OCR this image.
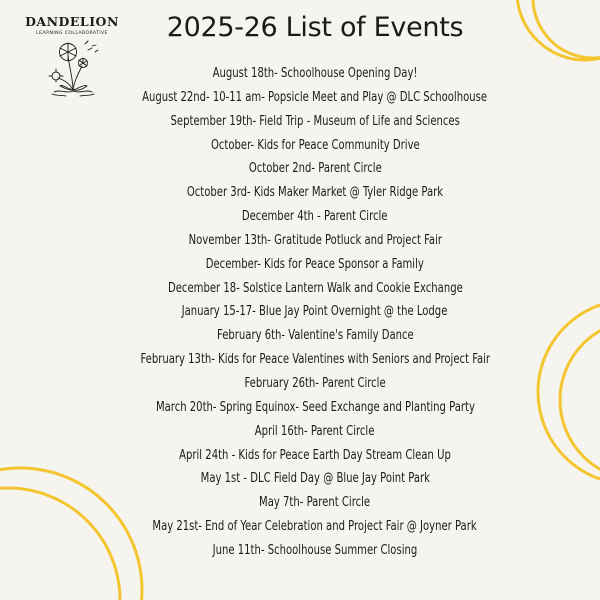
DANDELION
LEARNING COLLABORATIVE	2025-26 List of Events
August 18th- Schoolhouse Opening Day!
August 22nd- 10-11 am- Popsicle Meet and Play @ DLC Schoolhouse
September 19th- Field Trip - Museum of Life and Sciences
October- Kids for Peace Community Drive
October 2nd- Parent Circle
October 3rd- Kids Maker Market @ Tyler Ridge Park
December 4th - Parent Circle
November 13th- Gratitude Potluck and Project Fair
December- Kids for Peace Sponsor a Family
December 18- Solstice Lantern Walk and Cookie Exchange
January 15-17- Blue Jay Point Overnight @ the Lodge
February 6th- Valentine's Family Dance
February 13th- Kids for Peace Valentines with Seniors and Project Fair
February 26th- Parent Circle
March 20th- Spring Equinox- Seed Exchange and Planting Party
April 16th- Parent Circle
April 24th - Kids for Peace Earth Day Stream Clean Up
May 1st - DLC Field Day @ Blue Jay Point Park
May 7th- Parent Circle
May 21st- End of Year Celebration and Project Fair @ Joyner Park
June 11th- Schoolhouse Summer Closing
